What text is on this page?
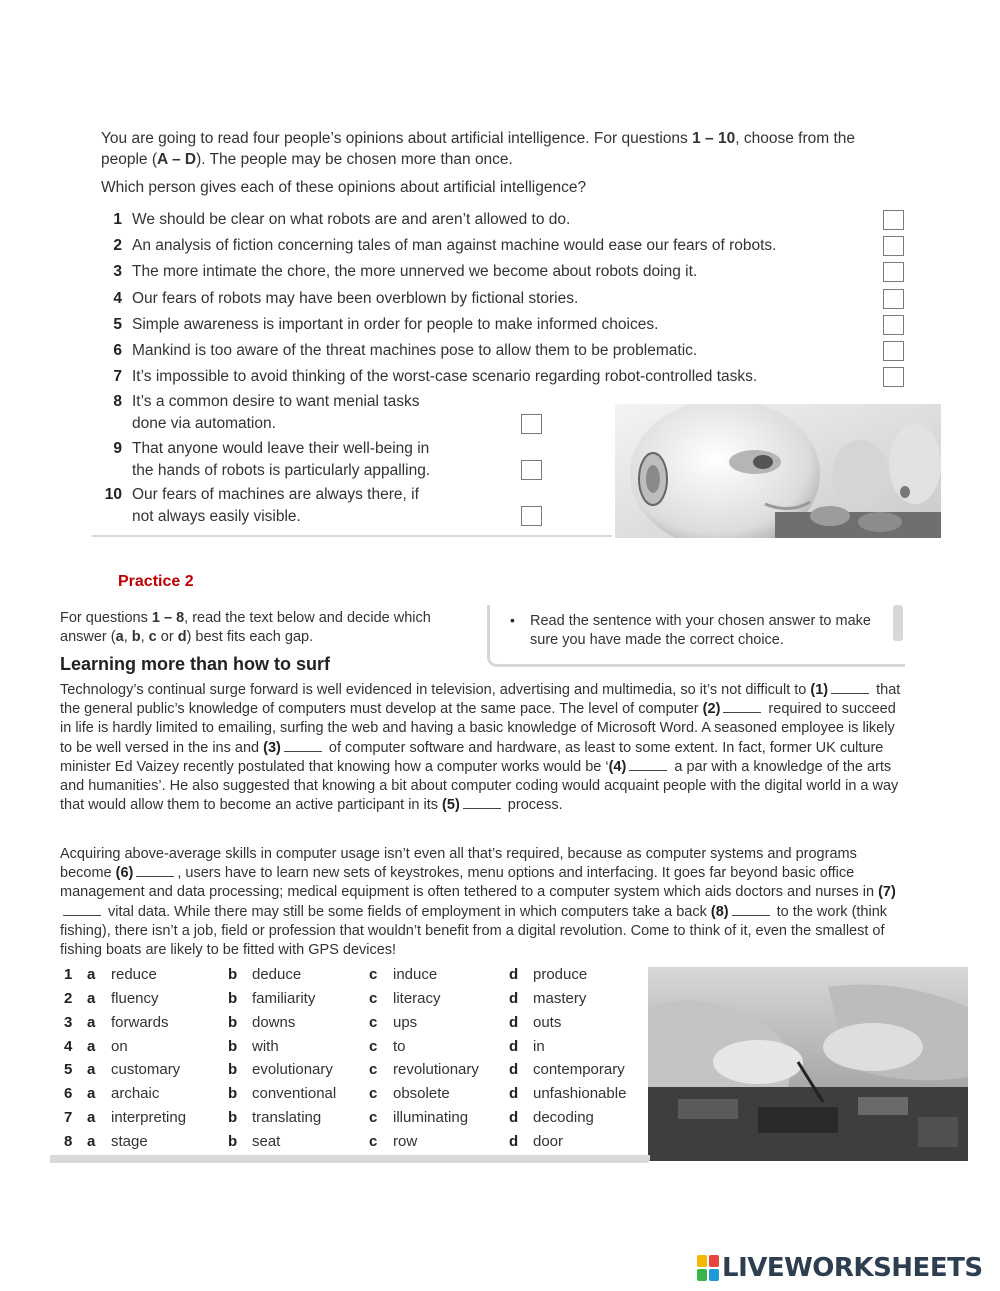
You are going to read four people’s opinions about artificial intelligence. For questions 1 – 10, choose from the people (A – D). The people may be chosen more than once.
Which person gives each of these opinions about artificial intelligence?
1 We should be clear on what robots are and aren’t allowed to do.
2 An analysis of fiction concerning tales of man against machine would ease our fears of robots.
3 The more intimate the chore, the more unnerved we become about robots doing it.
4 Our fears of robots may have been overblown by fictional stories.
5 Simple awareness is important in order for people to make informed choices.
6 Mankind is too aware of the threat machines pose to allow them to be problematic.
7 It’s impossible to avoid thinking of the worst-case scenario regarding robot-controlled tasks.
8 It’s a common desire to want menial tasks
done via automation.
9 That anyone would leave their well-being in
the hands of robots is particularly appalling.
10 Our fears of machines are always there, if
not always easily visible.
Practice 2
For questions 1 – 8, read the text below and decide which answer (a, b, c or d) best fits each gap.
• Read the sentence with your chosen answer to make sure you have made the correct choice.
Learning more than how to surf
Technology’s continual surge forward is well evidenced in television, advertising and multimedia, so it’s not difficult to (1)	that the general public’s knowledge of computers must develop at the same pace. The level of computer (2)	required to succeed in life is hardly limited to emailing, surfing the web and having a basic knowledge of Microsoft Word. A seasoned employee is likely to be well versed in the ins and (3)	of computer software and hardware, as least to some extent. In fact, former UK culture minister Ed Vaizey recently postulated that knowing how a computer works would be ‘(4)	a par with a knowledge of the arts and humanities’. He also suggested that knowing a bit about computer coding would acquaint people with the digital world in a way that would allow them to become an active participant in its (5)	process.
Acquiring above-average skills in computer usage isn’t even all that’s required, because as computer systems and programs become (6)	, users have to learn new sets of keystrokes, menu options and interfacing. It goes far beyond basic office management and data processing; medical equipment is often tethered to a computer system which aids doctors and nurses in (7) vital data. While there may still be some fields of employment in which computers take a back (8)	to the work (think fishing), there isn’t a job, field or profession that wouldn’t benefit from a digital revolution. Come to think of it, even the smallest of fishing boats are likely to be fitted with GPS devices!
1 a reduce	b deduce	c induce	d produce
2 a fluency	b familiarity	c literacy	d mastery
3 a forwards	b downs	c ups	d outs
4 a on	b with	c to	d in
5 a customary	b evolutionary c revolutionary d contemporary
6 a archaic	b conventional c obsolete	d unfashionable
7 a interpreting	b translating	c illuminating	d decoding
8 a stage	b seat	c row	d door
LIVEWORKSHEETS
